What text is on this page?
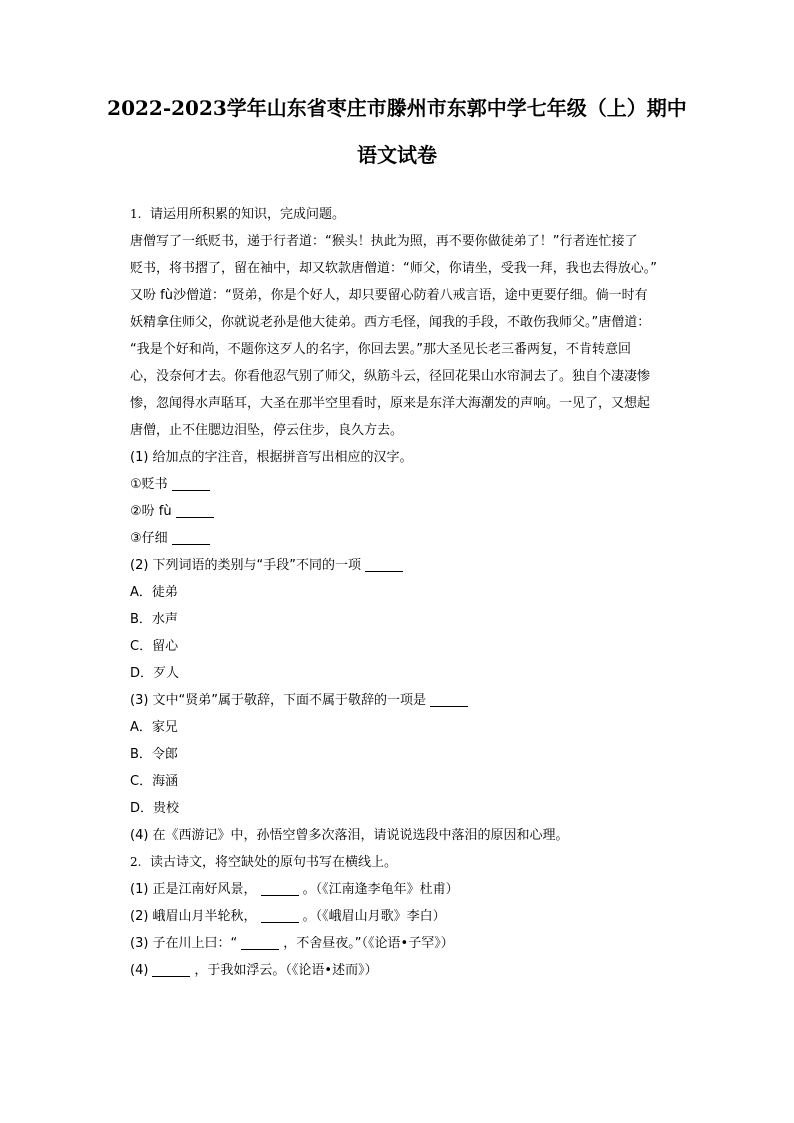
2022-2023学年山东省枣庄市滕州市东郭中学七年级（上）期中
语文试卷
1. 请运用所积累的知识，完成问题。
唐僧写了一纸贬书，递于行者道：“猴头！执此为照，再不要你做徒弟了！”行者连忙接了
贬书，将书摺了，留在袖中，却又软款唐僧道：“师父，你请坐，受我一拜，我也去得放心。”
又吩 fù沙僧道：“贤弟，你是个好人，却只要留心防着八戒言语，途中更要仔细。倘一时有
妖精拿住师父，你就说老孙是他大徒弟。西方毛怪，闻我的手段，不敢伤我师父。”唐僧道：
“我是个好和尚，不题你这歹人的名字，你回去罢。”那大圣见长老三番两复，不肯转意回
心，没奈何才去。你看他忍气别了师父，纵筋斗云，径回花果山水帘洞去了。独自个凄凄惨
惨，忽闻得水声聒耳，大圣在那半空里看时，原来是东洋大海潮发的声响。一见了，又想起
唐僧，止不住腮边泪坠，停云住步，良久方去。
(1) 给加点的字注音，根据拼音写出相应的汉字。
①贬书
②吩 fù
③仔细
(2) 下列词语的类别与“手段”不同的一项
A．徒弟
B．水声
C．留心
D．歹人
(3) 文中“贤弟”属于敬辞，下面不属于敬辞的一项是
A．家兄
B．令郎
C．海涵
D．贵校
(4) 在《西游记》中，孙悟空曾多次落泪，请说说选段中落泪的原因和心理。
2. 读古诗文，将空缺处的原句书写在横线上。
(1) 正是江南好风景，	。（《江南逢李龟年》杜甫）
(2) 峨眉山月半轮秋，	。（《峨眉山月歌》李白）
(3) 子在川上曰：“	，不舍昼夜。”（《论语•子罕》）
(4)	，于我如浮云。（《论语•述而》）
